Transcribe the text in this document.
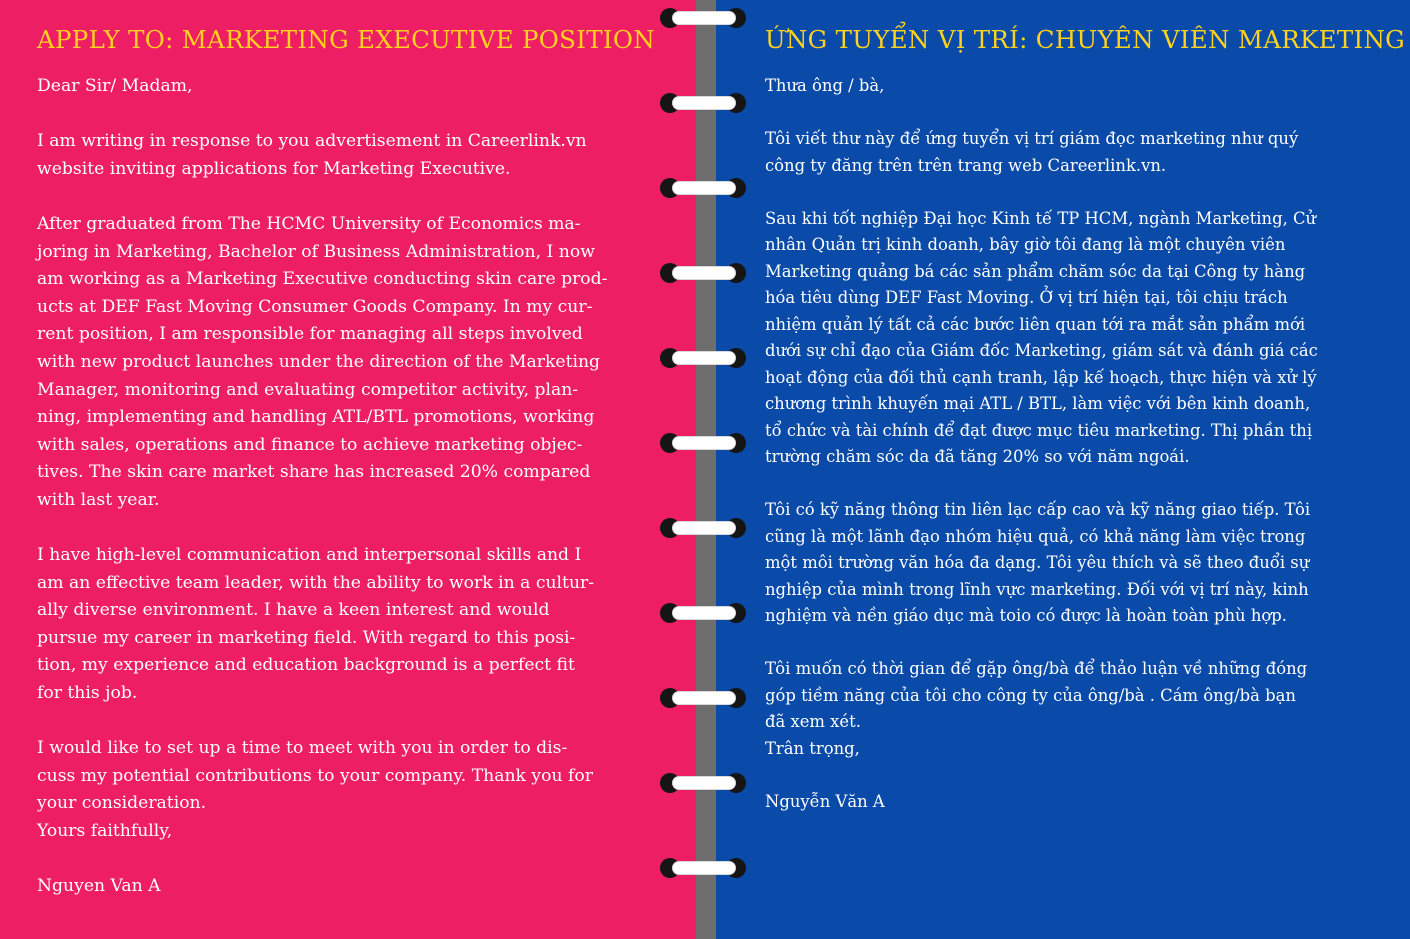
APPLY TO: MARKETING EXECUTIVE POSITION
Dear Sir/ Madam,
I am writing in response to you advertisement in Careerlink.vn
website inviting applications for Marketing Executive.
After graduated from The HCMC University of Economics ma-
joring in Marketing, Bachelor of Business Administration, I now
am working as a Marketing Executive conducting skin care prod-
ucts at DEF Fast Moving Consumer Goods Company. In my cur-
rent position, I am responsible for managing all steps involved
with new product launches under the direction of the Marketing
Manager, monitoring and evaluating competitor activity, plan-
ning, implementing and handling ATL/BTL promotions, working
with sales, operations and finance to achieve marketing objec-
tives. The skin care market share has increased 20% compared
with last year.
I have high-level communication and interpersonal skills and I
am an effective team leader, with the ability to work in a cultur-
ally diverse environment. I have a keen interest and would
pursue my career in marketing field. With regard to this posi-
tion, my experience and education background is a perfect fit
for this job.
I would like to set up a time to meet with you in order to dis-
cuss my potential contributions to your company. Thank you for
your consideration.
Yours faithfully,
Nguyen Van A
ỨNG TUYỂN VỊ TRÍ: CHUYÊN VIÊN MARKETING
Thưa ông / bà,
Tôi viết thư này để ứng tuyển vị trí giám đọc marketing như quý
công ty đăng trên trên trang web Careerlink.vn.
Sau khi tốt nghiệp Đại học Kinh tế TP HCM, ngành Marketing, Cử
nhân Quản trị kinh doanh, bây giờ tôi đang là một chuyên viên
Marketing quảng bá các sản phẩm chăm sóc da tại Công ty hàng
hóa tiêu dùng DEF Fast Moving. Ở vị trí hiện tại, tôi chịu trách
nhiệm quản lý tất cả các bước liên quan tới ra mắt sản phẩm mới
dưới sự chỉ đạo của Giám đốc Marketing, giám sát và đánh giá các
hoạt động của đối thủ cạnh tranh, lập kế hoạch, thực hiện và xử lý
chương trình khuyến mại ATL / BTL, làm việc với bên kinh doanh,
tổ chức và tài chính để đạt được mục tiêu marketing. Thị phần thị
trường chăm sóc da đã tăng 20% so với năm ngoái.
Tôi có kỹ năng thông tin liên lạc cấp cao và kỹ năng giao tiếp. Tôi
cũng là một lãnh đạo nhóm hiệu quả, có khả năng làm việc trong
một môi trường văn hóa đa dạng. Tôi yêu thích và sẽ theo đuổi sự
nghiệp của mình trong lĩnh vực marketing. Đối với vị trí này, kinh
nghiệm và nền giáo dục mà toio có được là hoàn toàn phù hợp.
Tôi muốn có thời gian để gặp ông/bà để thảo luận về những đóng
góp tiềm năng của tôi cho công ty của ông/bà . Cám ông/bà bạn
đã xem xét.
Trân trọng,
Nguyễn Văn A
